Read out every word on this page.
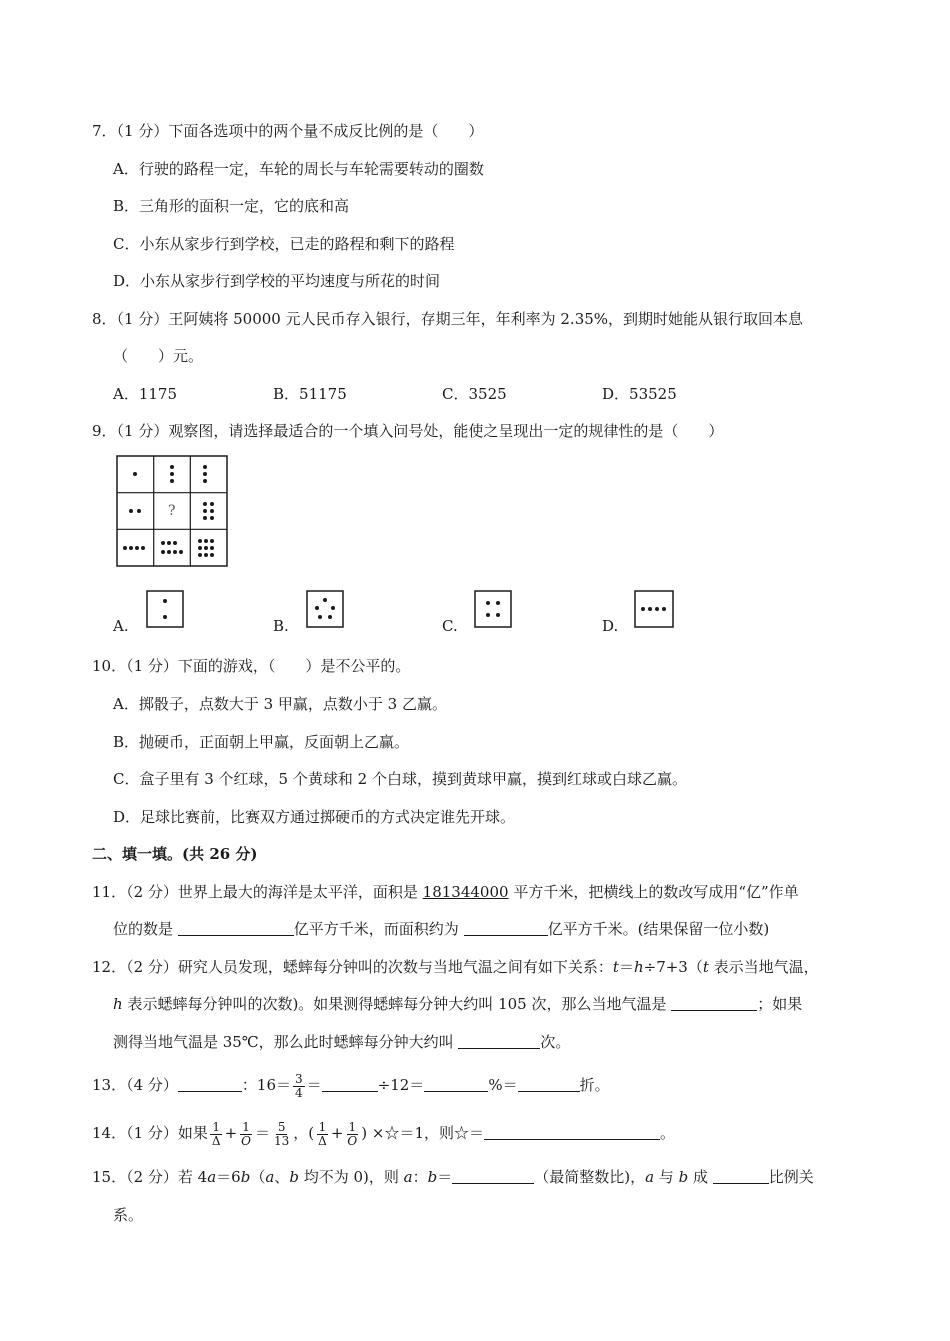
7．（1 分）下面各选项中的两个量不成反比例的是（　　）
A．行驶的路程一定，车轮的周长与车轮需要转动的圈数
B．三角形的面积一定，它的底和高
C．小东从家步行到学校，已走的路程和剩下的路程
D．小东从家步行到学校的平均速度与所花的时间
8．（1 分）王阿姨将 50000 元人民币存入银行，存期三年，年利率为 2.35%，到期时她能从银行取回本息
（　　）元。
A．1175	B．51175	C．3525	D．53525
9．（1 分）观察图，请选择最适合的一个填入问号处，能使之呈现出一定的规律性的是（　　）
?
A.	B.	C.	D.
10．（1 分）下面的游戏，（　　）是不公平的。
A．掷骰子，点数大于 3 甲赢，点数小于 3 乙赢。
B．抛硬币，正面朝上甲赢，反面朝上乙赢。
C．盒子里有 3 个红球，5 个黄球和 2 个白球，摸到黄球甲赢，摸到红球或白球乙赢。
D．足球比赛前，比赛双方通过掷硬币的方式决定谁先开球。
二、填一填。(共 26 分)
11．（2 分）世界上最大的海洋是太平洋，面积是 181344000 平方千米，把横线上的数改写成用“亿”作单
位的数是	亿平方千米，而面积约为	亿平方千米。(结果保留一位小数)
12．（2 分）研究人员发现，蟋蟀每分钟叫的次数与当地气温之间有如下关系：t＝h÷7+3（t 表示当地气温，
h 表示蟋蟀每分钟叫的次数)。如果测得蟋蟀每分钟大约叫 105 次，那么当地气温是	；如果
测得当地气温是 35℃，那么此时蟋蟀每分钟大约叫	次。
13．（4 分）	：$16= \frac{3}{4}$ ＝	÷12＝	%＝	折。
14．（1 分）如果 $\frac{1}{\Delta} + \frac{1}{O} = \frac{5}{13}$ ，( $\frac{1}{\Delta} + \frac{1}{O}$ ) ×☆＝1，则☆＝	。
15．（2 分）若 4a＝6b（a、b 均不为 0)，则 a：b＝	（最简整数比)，a 与 b 成	比例关
系。
